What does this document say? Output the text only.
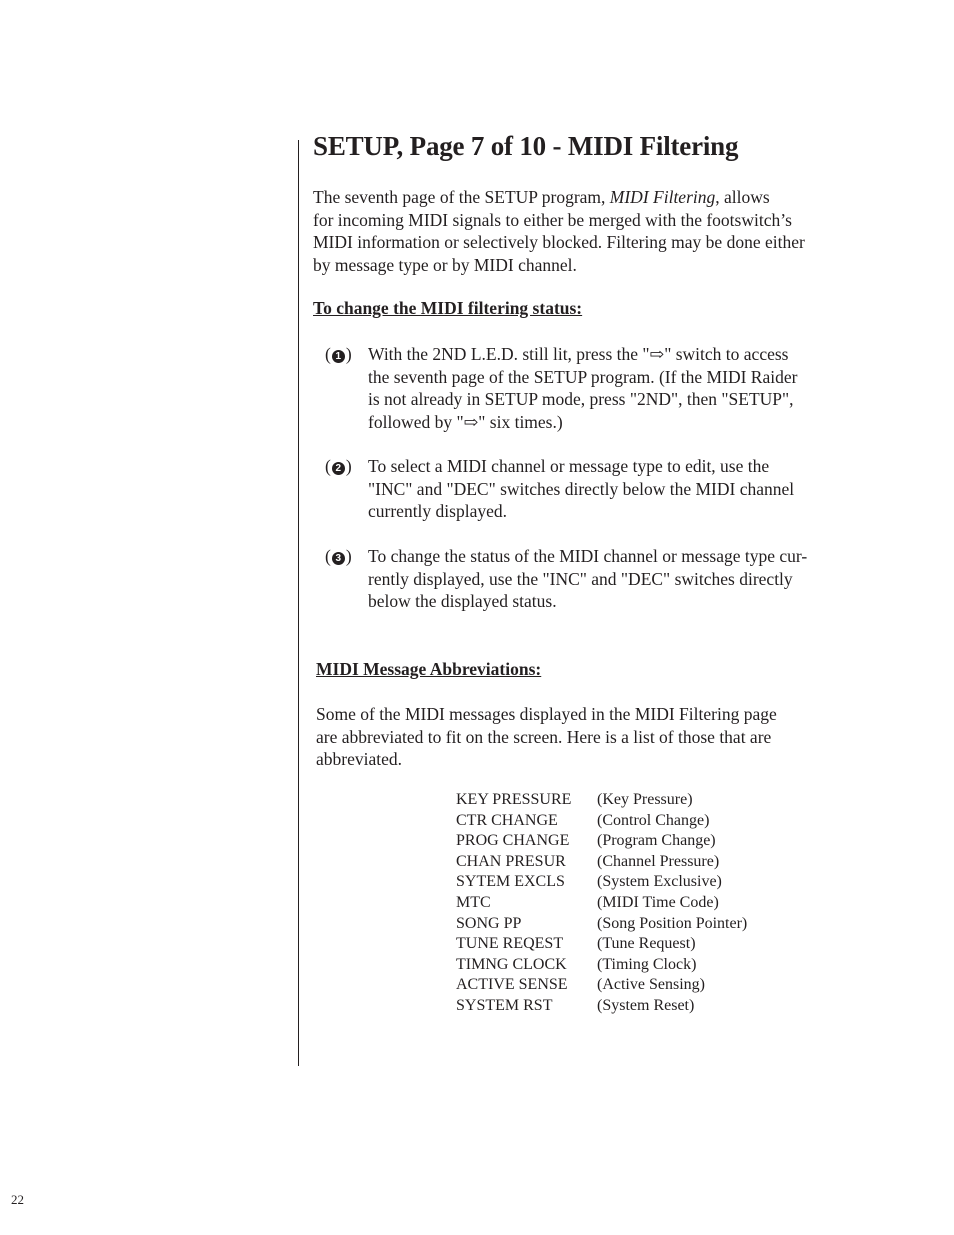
SETUP, Page 7 of 10 - MIDI Filtering
The seventh page of the SETUP program, MIDI Filtering, allows
for incoming MIDI signals to either be merged with the footswitch’s
MIDI information or selectively blocked. Filtering may be done either
by message type or by MIDI channel.
To change the MIDI filtering status:
( 1 ) With the 2ND L.E.D. still lit, press the "⇨" switch to access
the seventh page of the SETUP program. (If the MIDI Raider
is not already in SETUP mode, press "2ND", then "SETUP",
followed by "⇨" six times.)
( 2 ) To select a MIDI channel or message type to edit, use the
"INC" and "DEC" switches directly below the MIDI channel
currently displayed.
( 3 ) To change the status of the MIDI channel or message type cur-
rently displayed, use the "INC" and "DEC" switches directly
below the displayed status.
MIDI Message Abbreviations:
Some of the MIDI messages displayed in the MIDI Filtering page
are abbreviated to fit on the screen. Here is a list of those that are
abbreviated.
KEY PRESSURE (Key Pressure)
CTR CHANGE (Control Change)
PROG CHANGE (Program Change)
CHAN PRESUR (Channel Pressure)
SYTEM EXCLS (System Exclusive)
MTC	(MIDI Time Code)
SONG PP	(Song Position Pointer)
TUNE REQEST (Tune Request)
TIMNG CLOCK (Timing Clock)
ACTIVE SENSE (Active Sensing)
SYSTEM RST	(System Reset)
22
